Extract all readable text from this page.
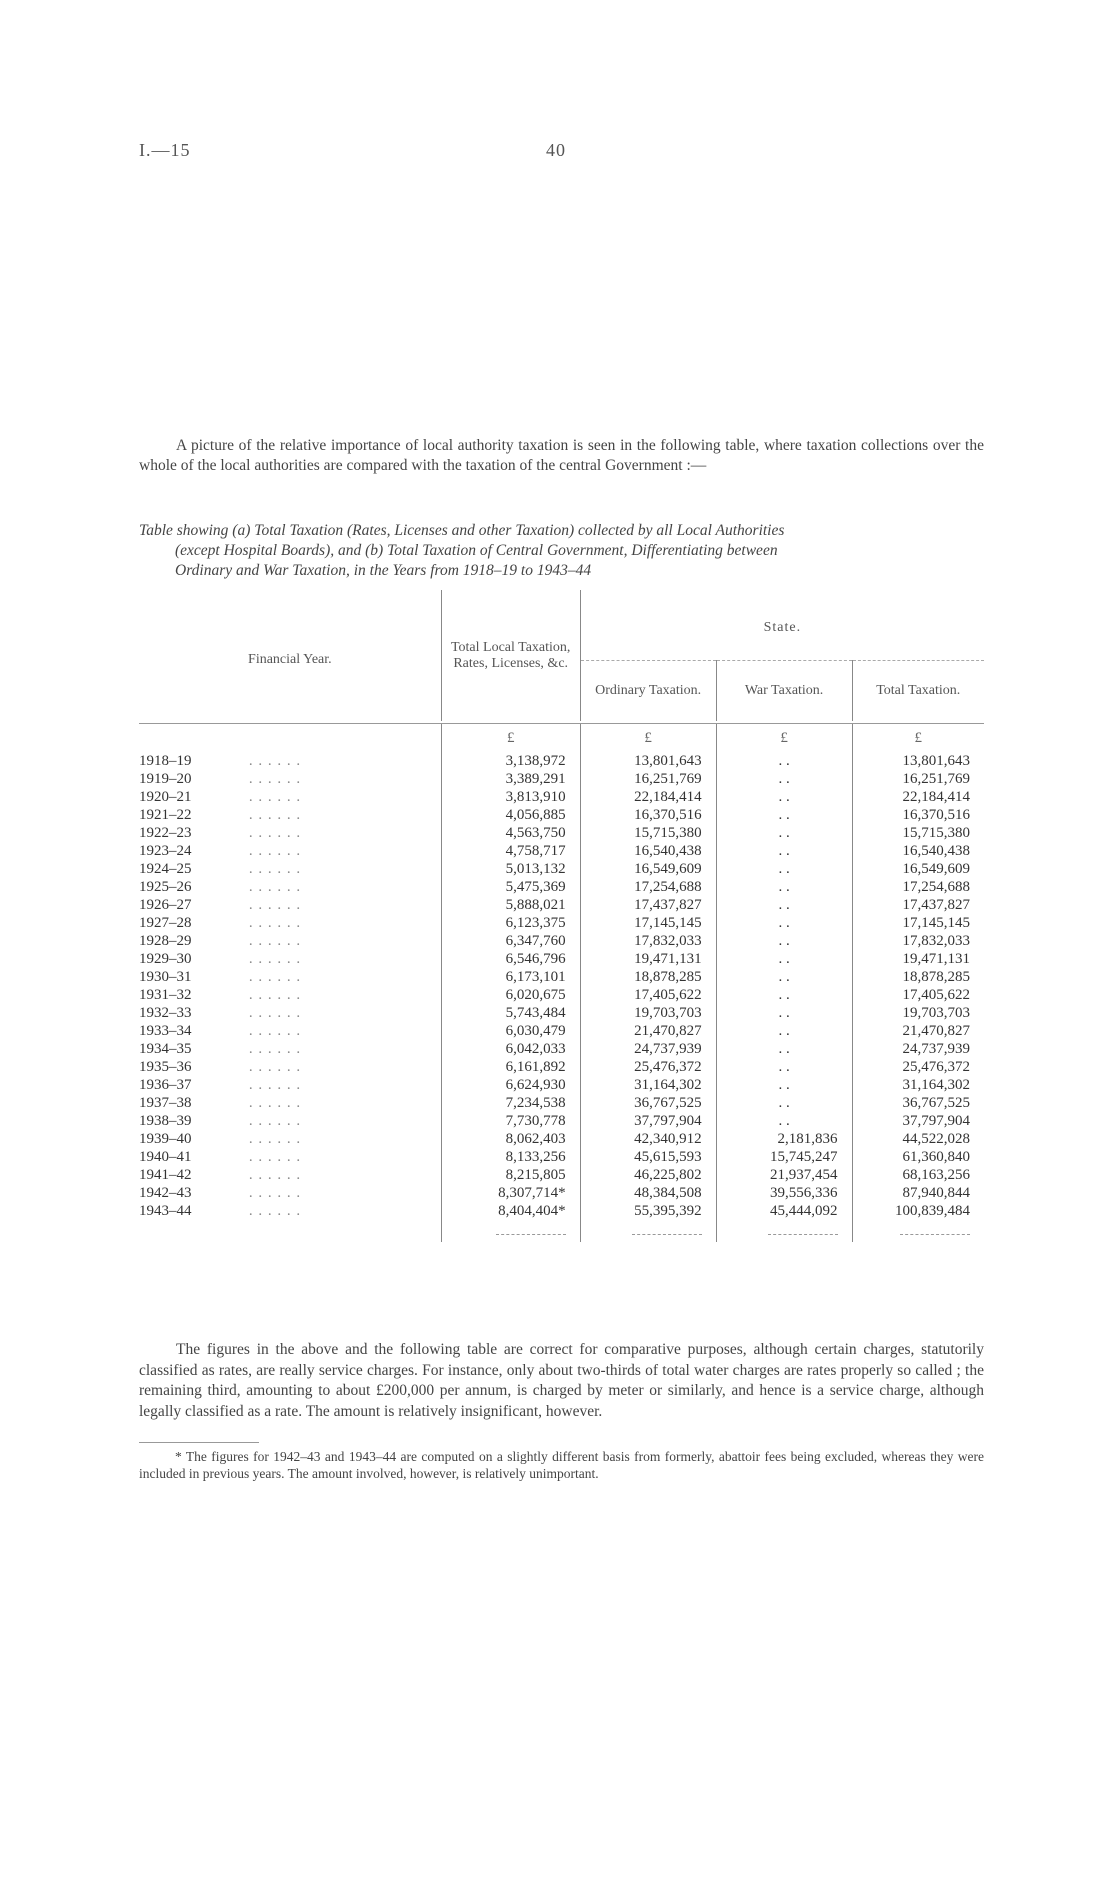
I.—15	40

A picture of the relative importance of local authority taxation is seen in the following table, where taxation collections over the whole of the local authorities are compared with the taxation of the central Government :—

Table showing (a) Total Taxation (Rates, Licenses and other Taxation) collected by all Local Authorities
(except Hospital Boards), and (b) Total Taxation of Central Government, Differentiating between
Ordinary and War Taxation, in the Years from 1918–19 to 1943–44
Financial Year.		Total Local Taxation, Rates, Licenses, &c.	State.		
			Ordinary Taxation.	War Taxation.	Total Taxation.

		£	£	£	£
1918–19	. . . . . .	3,138,972	13,801,643	. .	13,801,643
1919–20	. . . . . .	3,389,291	16,251,769	. .	16,251,769
1920–21	. . . . . .	3,813,910	22,184,414	. .	22,184,414
1921–22	. . . . . .	4,056,885	16,370,516	. .	16,370,516
1922–23	. . . . . .	4,563,750	15,715,380	. .	15,715,380
1923–24	. . . . . .	4,758,717	16,540,438	. .	16,540,438
1924–25	. . . . . .	5,013,132	16,549,609	. .	16,549,609
1925–26	. . . . . .	5,475,369	17,254,688	. .	17,254,688
1926–27	. . . . . .	5,888,021	17,437,827	. .	17,437,827
1927–28	. . . . . .	6,123,375	17,145,145	. .	17,145,145
1928–29	. . . . . .	6,347,760	17,832,033	. .	17,832,033
1929–30	. . . . . .	6,546,796	19,471,131	. .	19,471,131
1930–31	. . . . . .	6,173,101	18,878,285	. .	18,878,285
1931–32	. . . . . .	6,020,675	17,405,622	. .	17,405,622
1932–33	. . . . . .	5,743,484	19,703,703	. .	19,703,703
1933–34	. . . . . .	6,030,479	21,470,827	. .	21,470,827
1934–35	. . . . . .	6,042,033	24,737,939	. .	24,737,939
1935–36	. . . . . .	6,161,892	25,476,372	. .	25,476,372
1936–37	. . . . . .	6,624,930	31,164,302	. .	31,164,302
1937–38	. . . . . .	7,234,538	36,767,525	. .	36,767,525
1938–39	. . . . . .	7,730,778	37,797,904	. .	37,797,904
1939–40	. . . . . .	8,062,403	42,340,912	2,181,836	44,522,028
1940–41	. . . . . .	8,133,256	45,615,593	15,745,247	61,360,840
1941–42	. . . . . .	8,215,805	46,225,802	21,937,454	68,163,256
1942–43	. . . . . .	8,307,714*	48,384,508	39,556,336	87,940,844
1943–44	. . . . . .	8,404,404*	55,395,392	45,444,092	100,839,484

The figures in the above and the following table are correct for comparative purposes, although certain charges, statutorily classified as rates, are really service charges. For instance, only about two-thirds of total water charges are rates properly so called ; the remaining third, amounting to about £200,000 per annum, is charged by meter or similarly, and hence is a service charge, although legally classified as a rate. The amount is relatively insignificant, however.

* The figures for 1942–43 and 1943–44 are computed on a slightly different basis from formerly, abattoir fees being excluded, whereas they were included in previous years. The amount involved, however, is relatively unimportant.
